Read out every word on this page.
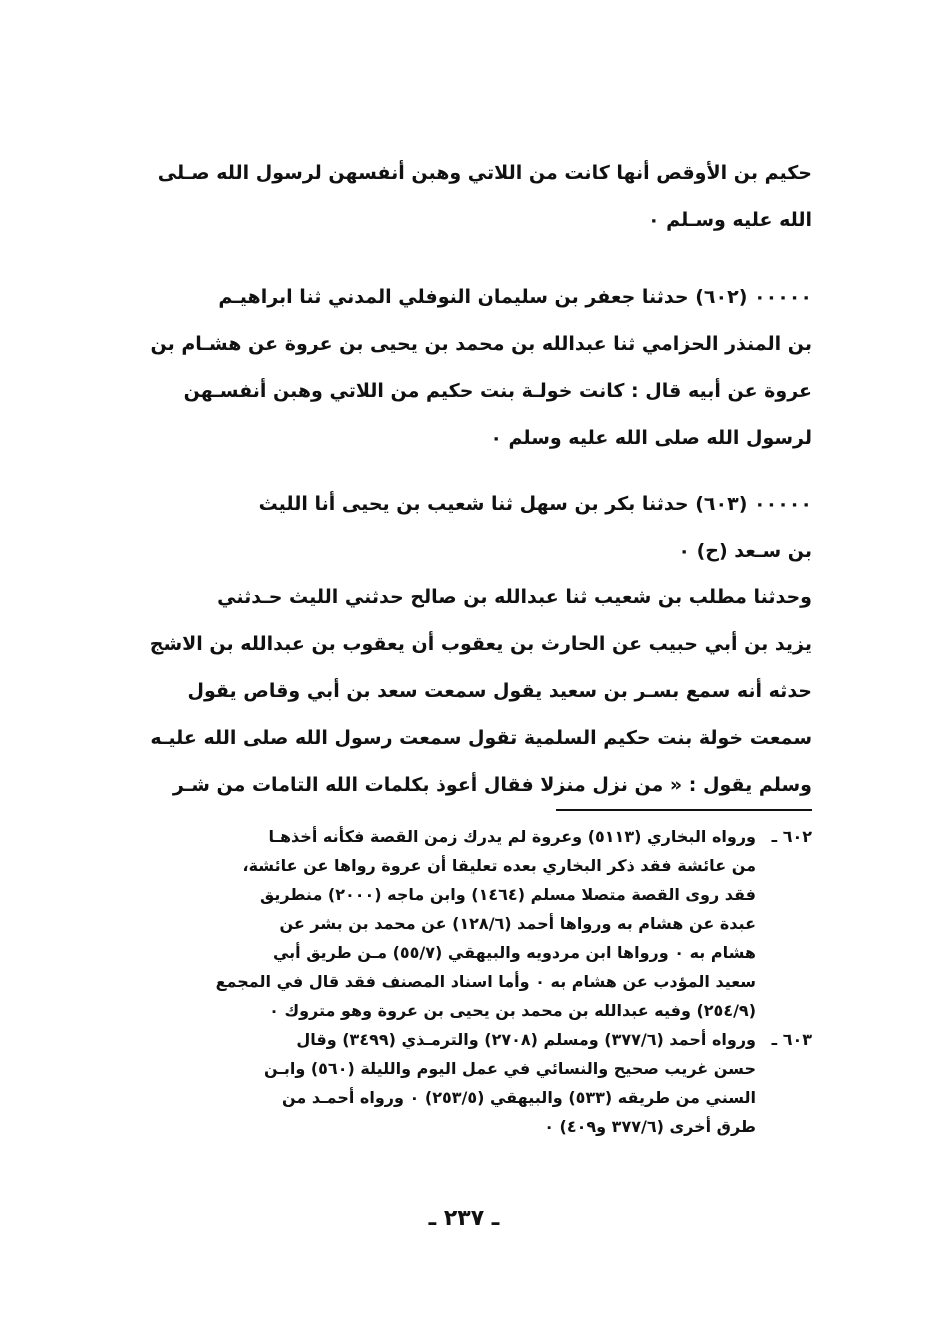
حكيم بن الأوقص أنها كانت من اللاتي وهبن أنفسهن لرسول الله صـلى
الله عليه وسـلم ٠
٠٠٠٠٠ (٦٠٢) حدثنا جعفر بن سليمان النوفلي المدني ثنا ابراهيـم
بن المنذر الحزامي ثنا عبدالله بن محمد بن يحيى بن عروة عن هشـام بن
عروة عن أبيه قال : كانت خولـة بنت حكيم من اللاتي وهبن أنفسـهن
لرسول الله صلى الله عليه وسلم ٠
٠٠٠٠٠ (٦٠٣) حدثنا بكر بن سهل ثنا شعيب بن يحيى أنا الليث
بن سـعد (ح) ٠
وحدثنا مطلب بن شعيب ثنا عبدالله بن صالح حدثني الليث حـدثني
يزيد بن أبي حبيب عن الحارث بن يعقوب أن يعقوب بن عبدالله بن الاشج
حدثه أنه سمع بسـر بن سعيد يقول سمعت سعد بن أبي وقاص يقول
سمعت خولة بنت حكيم السلمية تقول سمعت رسول الله صلى الله عليـه
وسلم يقول : « من نزل منزلا فقال أعوذ بكلمات الله التامات من شـر
٦٠٢ ـ
ورواه البخاري (٥١١٣) وعروة لم يدرك زمن القصة فكأنه أخذهـا
من عائشة فقد ذكر البخاري بعده تعليقا أن عروة رواها عن عائشة،
فقد روى القصة متصلا مسلم (١٤٦٤) وابن ماجه (٢٠٠٠) منطريق
عبدة عن هشام به ورواها أحمد (١٢٨/٦) عن محمد بن بشر عن
هشام به ٠ ورواها ابن مردويه والبيهقي (٥٥/٧) مـن طريق أبي
سعيد المؤدب عن هشام به ٠ وأما اسناد المصنف فقد قال في المجمع
(٢٥٤/٩) وفيه عبدالله بن محمد بن يحيى بن عروة وهو متروك ٠
٦٠٣ ـ
ورواه أحمد (٣٧٧/٦) ومسلم (٢٧٠٨) والترمـذي (٣٤٩٩) وقال
حسن غريب صحيح والنسائي في عمل اليوم والليلة (٥٦٠) وابـن
السني من طريقه (٥٣٣) والبيهقي (٢٥٣/٥) ٠ ورواه أحمـد من
طرق أخرى (٣٧٧/٦ و٤٠٩) ٠
ـ ٢٣٧ ـ
